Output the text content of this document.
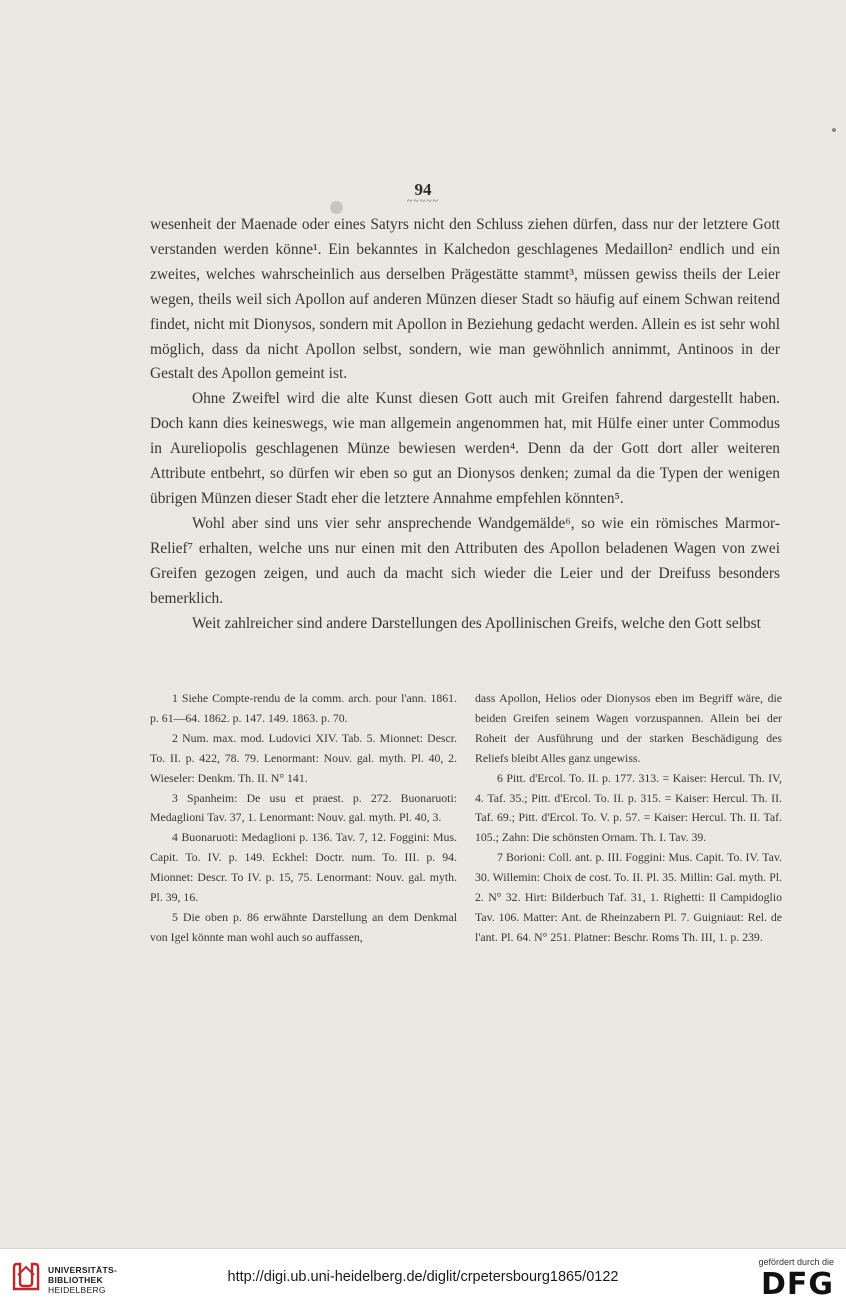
94
~~~~~

wesenheit der Maenade oder eines Satyrs nicht den Schluss ziehen dürfen, dass nur der letztere Gott verstanden werden könne¹. Ein bekanntes in Kalchedon geschlagenes Medaillon² endlich und ein zweites, welches wahrscheinlich aus derselben Prägestätte stammt³, müssen gewiss theils der Leier wegen, theils weil sich Apollon auf anderen Münzen dieser Stadt so häufig auf einem Schwan reitend findet, nicht mit Dionysos, sondern mit Apollon in Beziehung gedacht werden. Allein es ist sehr wohl möglich, dass da nicht Apollon selbst, sondern, wie man gewöhnlich annimmt, Antinoos in der Gestalt des Apollon gemeint ist.

Ohne Zweifel wird die alte Kunst diesen Gott auch mit Greifen fahrend dargestellt haben. Doch kann dies keineswegs, wie man allgemein angenommen hat, mit Hülfe einer unter Commodus in Aureliopolis geschlagenen Münze bewiesen werden⁴. Denn da der Gott dort aller weiteren Attribute entbehrt, so dürfen wir eben so gut an Dionysos denken; zumal da die Typen der wenigen übrigen Münzen dieser Stadt eher die letztere Annahme empfehlen könnten⁵.

Wohl aber sind uns vier sehr ansprechende Wandgemälde⁶, so wie ein römisches Marmor-Relief⁷ erhalten, welche uns nur einen mit den Attributen des Apollon beladenen Wagen von zwei Greifen gezogen zeigen, und auch da macht sich wieder die Leier und der Dreifuss besonders bemerklich.

Weit zahlreicher sind andere Darstellungen des Apollinischen Greifs, welche den Gott selbst

1 Siehe Compte-rendu de la comm. arch. pour l'ann. 1861. p. 61—64. 1862. p. 147. 149. 1863. p. 70.

2 Num. max. mod. Ludovici XIV. Tab. 5. Mionnet: Descr. To. II. p. 422, 78. 79. Lenormant: Nouv. gal. myth. Pl. 40, 2. Wieseler: Denkm. Th. II. N° 141.

3 Spanheim: De usu et praest. p. 272. Buonaruoti: Medaglioni Tav. 37, 1. Lenormant: Nouv. gal. myth. Pl. 40, 3.

4 Buonaruoti: Medaglioni p. 136. Tav. 7, 12. Foggini: Mus. Capit. To. IV. p. 149. Eckhel: Doctr. num. To. III. p. 94. Mionnet: Descr. To IV. p. 15, 75. Lenormant: Nouv. gal. myth. Pl. 39, 16.

5 Die oben p. 86 erwähnte Darstellung an dem Denkmal von Igel könnte man wohl auch so auffassen,

dass Apollon, Helios oder Dionysos eben im Begriff wäre, die beiden Greifen seinem Wagen vorzuspannen. Allein bei der Roheit der Ausführung und der starken Beschädigung des Reliefs bleibt Alles ganz ungewiss.

6 Pitt. d'Ercol. To. II. p. 177. 313. = Kaiser: Hercul. Th. IV, 4. Taf. 35.; Pitt. d'Ercol. To. II. p. 315. = Kaiser: Hercul. Th. II. Taf. 69.; Pitt. d'Ercol. To. V. p. 57. = Kaiser: Hercul. Th. II. Taf. 105.; Zahn: Die schönsten Ornam. Th. I. Tav. 39.

7 Borioni: Coll. ant. p. III. Foggini: Mus. Capit. To. IV. Tav. 30. Willemin: Choix de cost. To. II. Pl. 35. Millin: Gal. myth. Pl. 2. N° 32. Hirt: Bilderbuch Taf. 31, 1. Righetti: Il Campidoglio Tav. 106. Matter: Ant. de Rheinzabern Pl. 7. Guigniaut: Rel. de l'ant. Pl. 64. N° 251. Platner: Beschr. Roms Th. III, 1. p. 239.

UNIVERSITÄTS-
BIBLIOTHEK
HEIDELBERG
http://digi.ub.uni-heidelberg.de/diglit/crpetersbourg1865/0122
gefördert durch die
DFG
